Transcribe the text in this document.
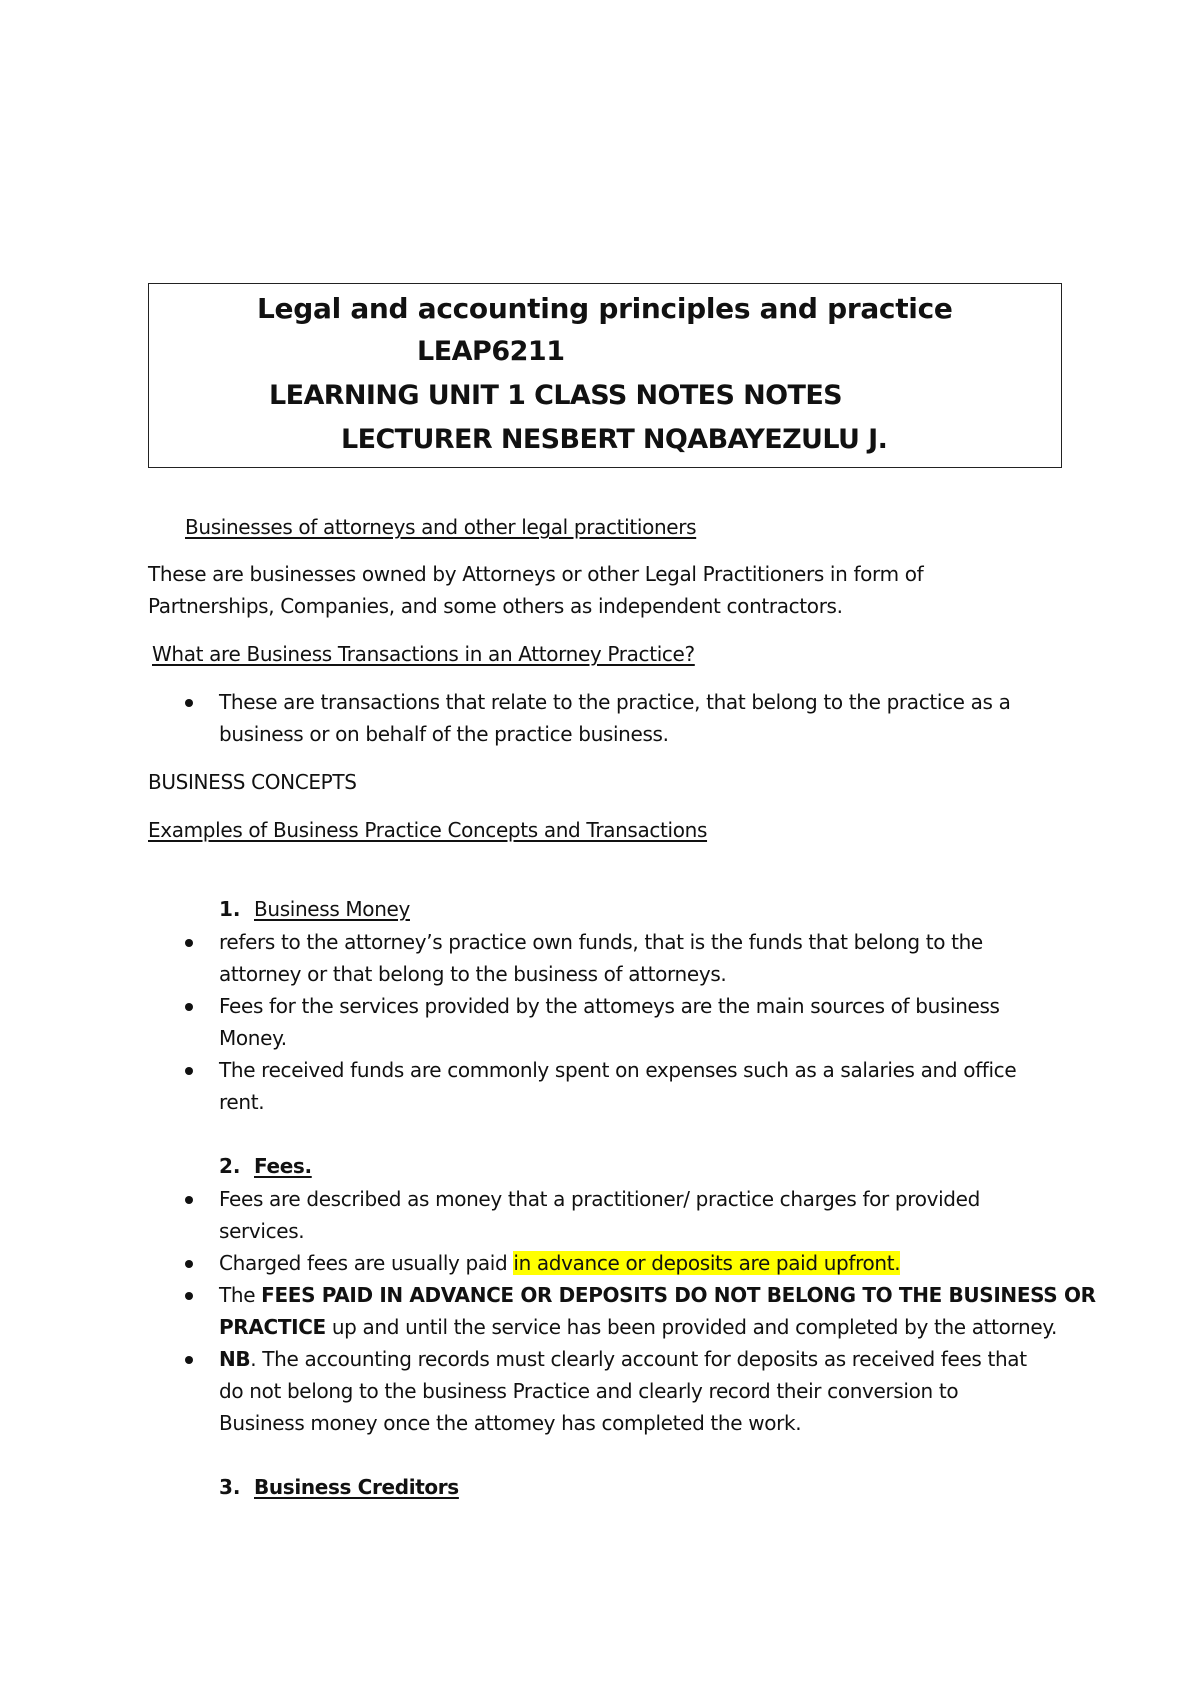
Legal and accounting principles and practice
LEAP6211
LEARNING UNIT 1 CLASS NOTES NOTES
LECTURER NESBERT NQABAYEZULU J.
Businesses of attorneys and other legal practitioners
These are businesses owned by Attorneys or other Legal Practitioners in form of
Partnerships, Companies, and some others as independent contractors.
What are Business Transactions in an Attorney Practice?
These are transactions that relate to the practice, that belong to the practice as a
business or on behalf of the practice business.
BUSINESS CONCEPTS
Examples of Business Practice Concepts and Transactions
1. Business Money
refers to the attorney’s practice own funds, that is the funds that belong to the
attorney or that belong to the business of attorneys.
Fees for the services provided by the attomeys are the main sources of business
Money.
The received funds are commonly spent on expenses such as a salaries and office
rent.
2. Fees.
Fees are described as money that a practitioner/ practice charges for provided
services.
Charged fees are usually paid in advance or deposits are paid upfront.
The FEES PAID IN ADVANCE OR DEPOSITS DO NOT BELONG TO THE BUSINESS OR
PRACTICE up and until the service has been provided and completed by the attorney.
NB. The accounting records must clearly account for deposits as received fees that
do not belong to the business Practice and clearly record their conversion to
Business money once the attomey has completed the work.
3. Business Creditors
